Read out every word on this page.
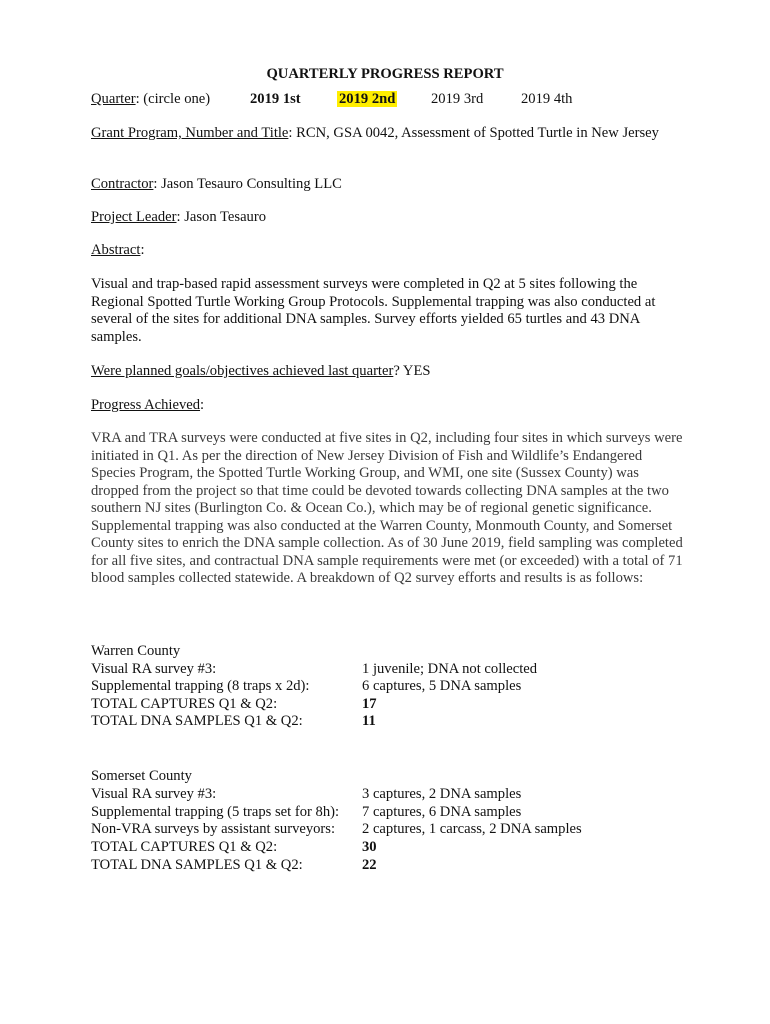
QUARTERLY PROGRESS REPORT
Quarter: (circle one)	2019 1st	2019 2nd 2019 3rd	2019 4th

Grant Program, Number and Title: RCN, GSA 0042, Assessment of Spotted Turtle in New Jersey

Contractor: Jason Tesauro Consulting LLC

Project Leader: Jason Tesauro

Abstract:

Visual and trap-based rapid assessment surveys were completed in Q2 at 5 sites following the Regional Spotted Turtle Working Group Protocols. Supplemental trapping was also conducted at several of the sites for additional DNA samples. Survey efforts yielded 65 turtles and 43 DNA samples.

Were planned goals/objectives achieved last quarter? YES

Progress Achieved:

VRA and TRA surveys were conducted at five sites in Q2, including four sites in which surveys were initiated in Q1. As per the direction of New Jersey Division of Fish and Wildlife’s Endangered Species Program, the Spotted Turtle Working Group, and WMI, one site (Sussex County) was dropped from the project so that time could be devoted towards collecting DNA samples at the two southern NJ sites (Burlington Co. & Ocean Co.), which may be of regional genetic significance. Supplemental trapping was also conducted at the Warren County, Monmouth County, and Somerset County sites to enrich the DNA sample collection. As of 30 June 2019, field sampling was completed for all five sites, and contractual DNA sample requirements were met (or exceeded) with a total of 71 blood samples collected statewide. A breakdown of Q2 survey efforts and results is as follows:

Warren County
Visual RA survey #3:	1 juvenile; DNA not collected
Supplemental trapping (8 traps x 2d):	6 captures, 5 DNA samples
TOTAL CAPTURES Q1 & Q2:	17
TOTAL DNA SAMPLES Q1 & Q2:	11
Somerset County
Visual RA survey #3:	3 captures, 2 DNA samples
Supplemental trapping (5 traps set for 8h): 7 captures, 6 DNA samples
Non-VRA surveys by assistant surveyors: 2 captures, 1 carcass, 2 DNA samples
TOTAL CAPTURES Q1 & Q2:	30
TOTAL DNA SAMPLES Q1 & Q2:	22
